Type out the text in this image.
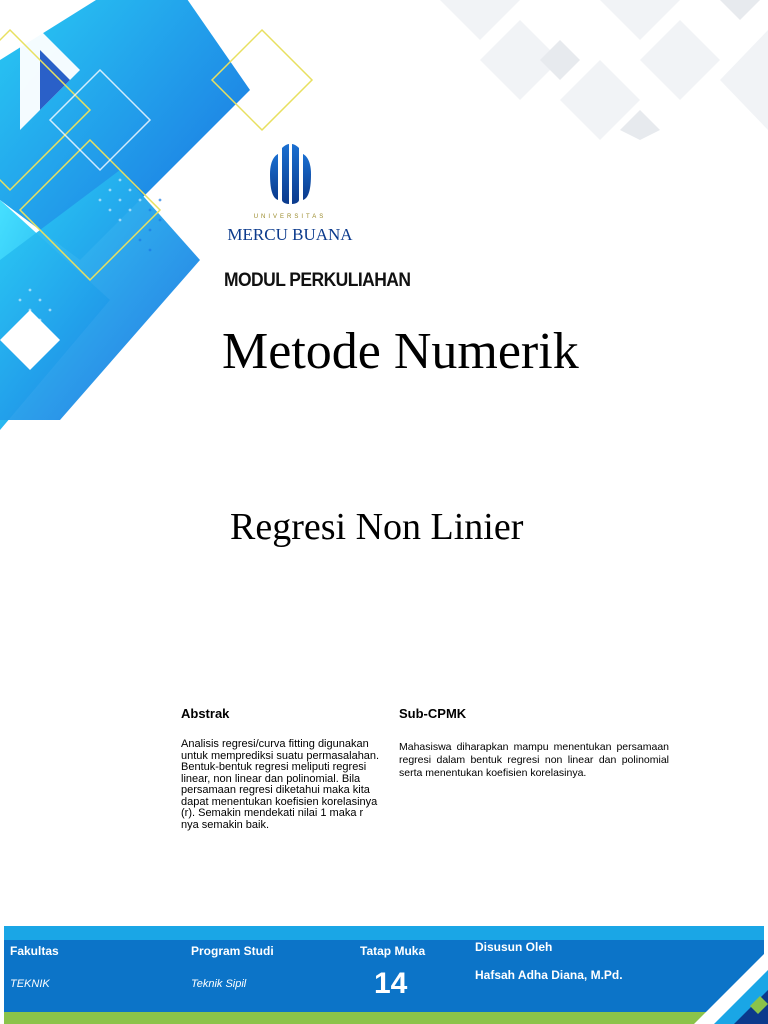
UNIVERSITAS
MERCU BUANA
MODUL PERKULIAHAN
Metode Numerik
Regresi Non Linier
Abstrak
Analisis regresi/curva fitting digunakan untuk memprediksi suatu permasalahan. Bentuk-bentuk regresi meliputi regresi linear, non linear dan polinomial. Bila persamaan regresi diketahui maka kita dapat menentukan koefisien korelasinya (r). Semakin mendekati nilai 1 maka r nya semakin baik.
Sub-CPMK
Mahasiswa diharapkan mampu menentukan persamaan regresi dalam bentuk regresi non linear dan polinomial serta menentukan koefisien korelasinya.
Fakultas
TEKNIK
Program Studi
Teknik Sipil
Tatap Muka
14
Disusun Oleh
Hafsah Adha Diana, M.Pd.
